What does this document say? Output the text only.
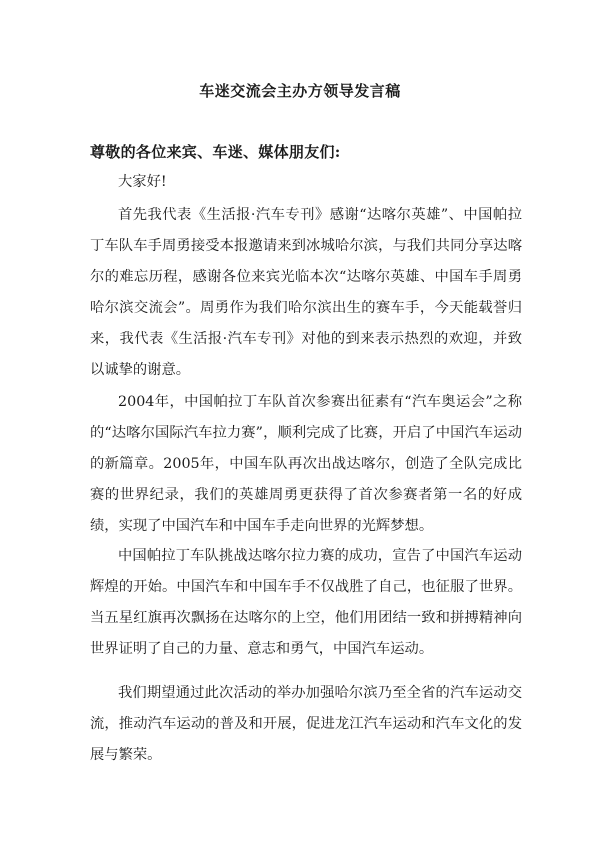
车迷交流会主办方领导发言稿
尊敬的各位来宾、车迷、媒体朋友们:

大家好!

首先我代表《生活报·汽车专刊》感谢“达喀尔英雄”、中国帕拉丁车队车手周勇接受本报邀请来到冰城哈尔滨，与我们共同分享达喀尔的难忘历程，感谢各位来宾光临本次“达喀尔英雄、中国车手周勇哈尔滨交流会”。周勇作为我们哈尔滨出生的赛车手，今天能载誉归来，我代表《生活报·汽车专刊》对他的到来表示热烈的欢迎，并致以诚挚的谢意。

2004年，中国帕拉丁车队首次参赛出征素有“汽车奥运会”之称的“达喀尔国际汽车拉力赛”，顺利完成了比赛，开启了中国汽车运动的新篇章。2005年，中国车队再次出战达喀尔，创造了全队完成比赛的世界纪录，我们的英雄周勇更获得了首次参赛者第一名的好成绩，实现了中国汽车和中国车手走向世界的光辉梦想。

中国帕拉丁车队挑战达喀尔拉力赛的成功，宣告了中国汽车运动辉煌的开始。中国汽车和中国车手不仅战胜了自己，也征服了世界。当五星红旗再次飘扬在达喀尔的上空，他们用团结一致和拼搏精神向世界证明了自己的力量、意志和勇气，中国汽车运动。

我们期望通过此次活动的举办加强哈尔滨乃至全省的汽车运动交流，推动汽车运动的普及和开展，促进龙江汽车运动和汽车文化的发展与繁荣。
